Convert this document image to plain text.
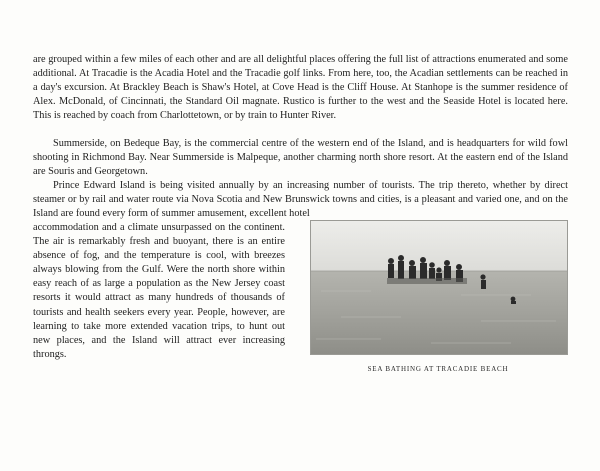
are grouped within a few miles of each other and are all delightful places offering the full list of attractions enumerated and some additional. At Tracadie is the Acadia Hotel and the Tracadie golf links. From here, too, the Acadian settlements can be reached in a day's excursion. At Brackley Beach is Shaw's Hotel, at Cove Head is the Cliff House. At Stanhope is the summer residence of Alex. McDonald, of Cincinnati, the Standard Oil magnate. Rustico is further to the west and the Seaside Hotel is located here. This is reached by coach from Charlottetown, or by train to Hunter River.

Summerside, on Bedeque Bay, is the commercial centre of the western end of the Island, and is headquarters for wild fowl shooting in Richmond Bay. Near Summerside is Malpeque, another charming north shore resort. At the eastern end of the Island are Souris and Georgetown.

Prince Edward Island is being visited annually by an increasing number of tourists. The trip thereto, whether by direct steamer or by rail and water route via Nova Scotia and New Brunswick towns and cities, is a pleasant and varied one, and on the Island are found every form of summer amusement, excellent hotel

accommodation and a climate unsurpassed on the continent. The air is remarkably fresh and buoyant, there is an entire absence of fog, and the temperature is cool, with breezes always blowing from the Gulf. Were the north shore within easy reach of as large a population as the New Jersey coast resorts it would attract as many hundreds of thousands of tourists and health seekers every year. People, however, are learning to take more extended vacation trips, to hunt out new places, and the Island will attract ever increasing throngs.

SEA BATHING AT TRACADIE BEACH
